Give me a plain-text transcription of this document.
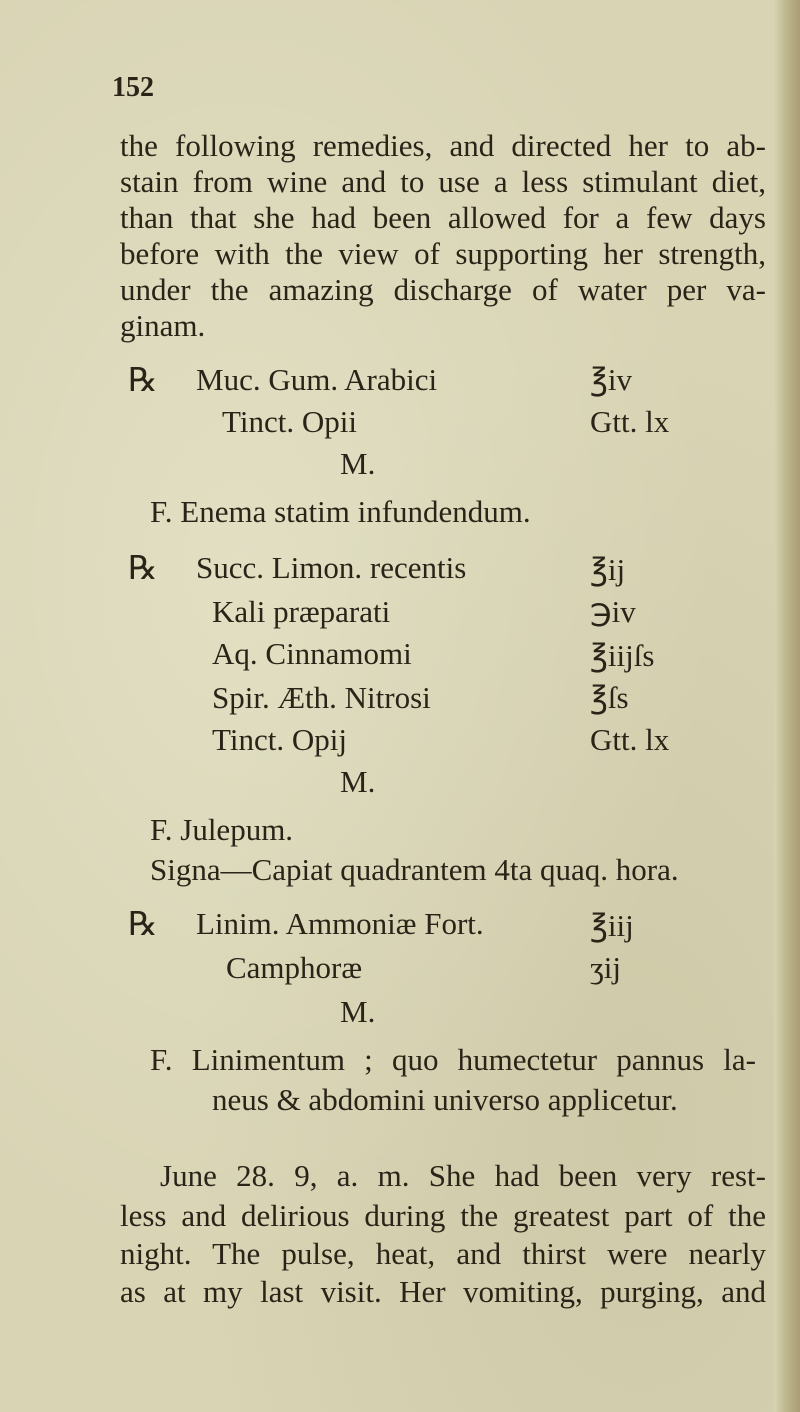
152
the following remedies, and directed her to ab-
stain from wine and to use a less stimulant diet,
than that she had been allowed for a few days
before with the view of supporting her strength,
under the amazing discharge of water per va-
ginam.
℞ Muc. Gum. Arabici	℥iv
Tinct. Opii	Gtt. lx
M.
F. Enema statim infundendum.
℞ Succ. Limon. recentis	℥ij
Kali præparati	℈iv
Aq. Cinnamomi	℥iijſs
Spir. Æth. Nitrosi	℥ſs
Tinct. Opij	Gtt. lx
M.
F. Julepum.
Signa—Capiat quadrantem 4ta quaq. hora.
℞ Linim. Ammoniæ Fort.	℥iij
Camphoræ	ʒij
M.
F. Linimentum ; quo humectetur pannus la-
neus & abdomini universo applicetur.
June 28. 9, a. m. She had been very rest-
less and delirious during the greatest part of the
night. The pulse, heat, and thirst were nearly
as at my last visit. Her vomiting, purging, and
